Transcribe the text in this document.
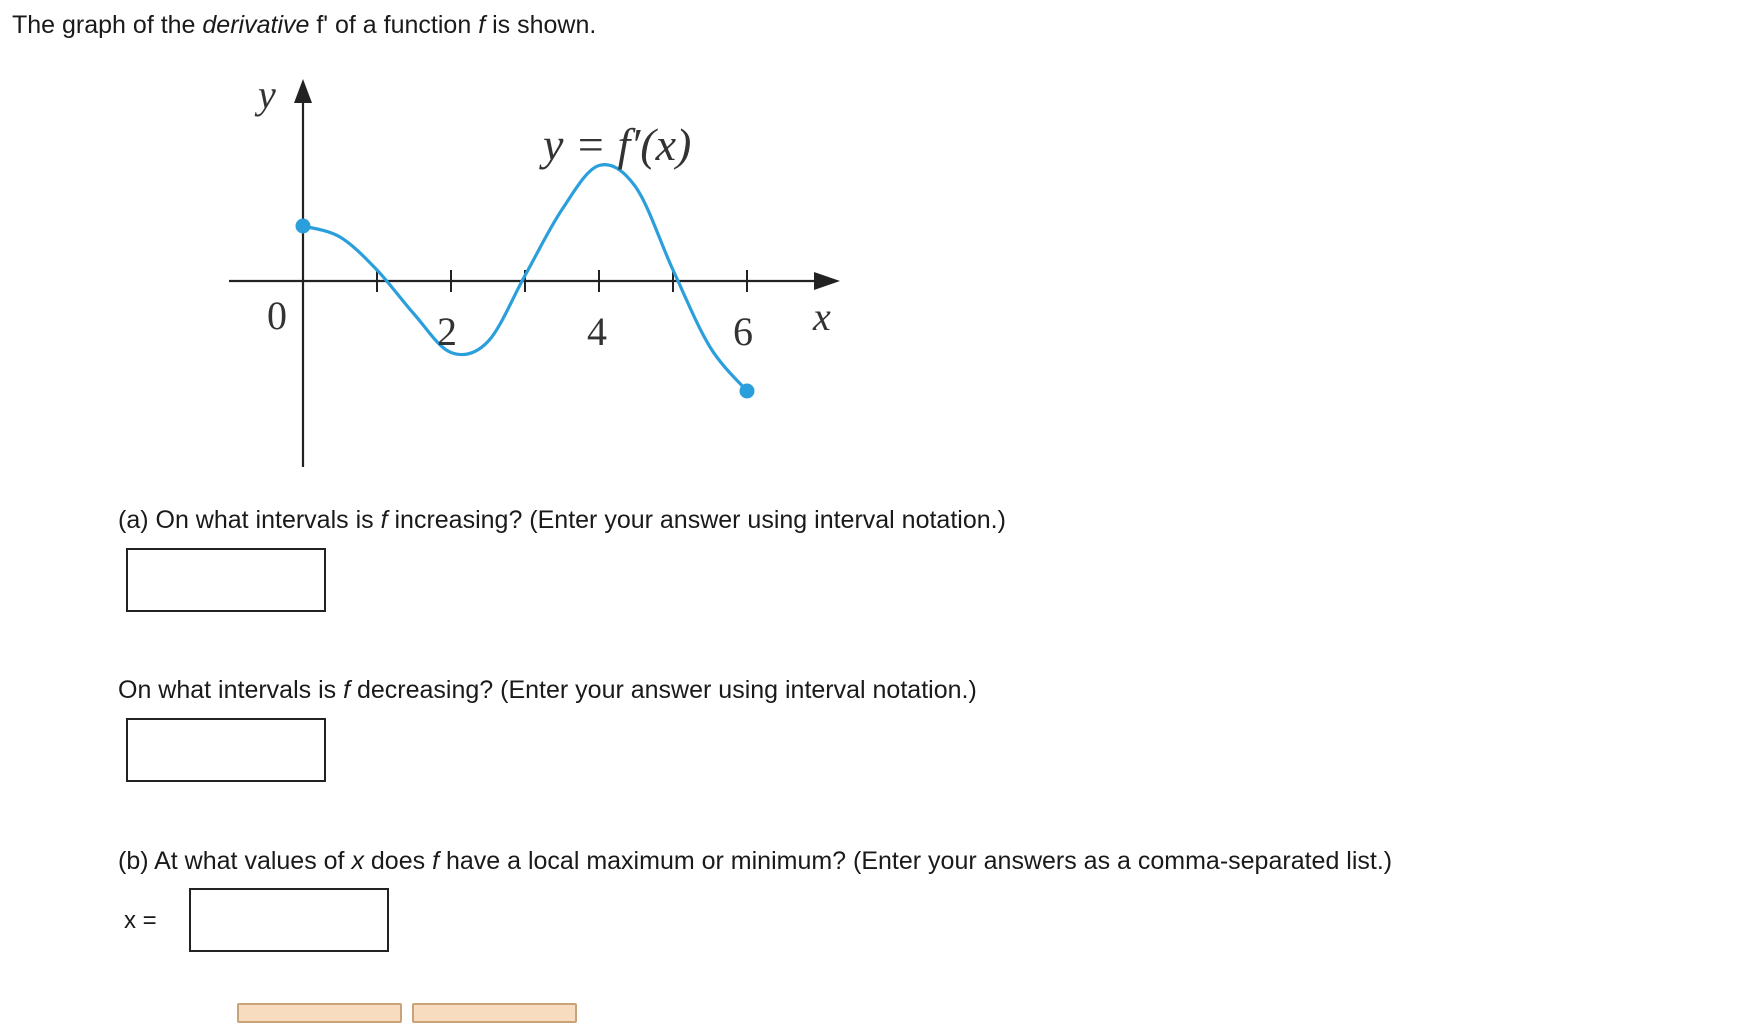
The graph of the derivative f' of a function f is shown.
y
x
y = f′(x)
0	2	4	6
(a) On what intervals is f increasing? (Enter your answer using interval notation.)
On what intervals is f decreasing? (Enter your answer using interval notation.)
(b) At what values of x does f have a local maximum or minimum? (Enter your answers as a comma-separated list.)
x =
